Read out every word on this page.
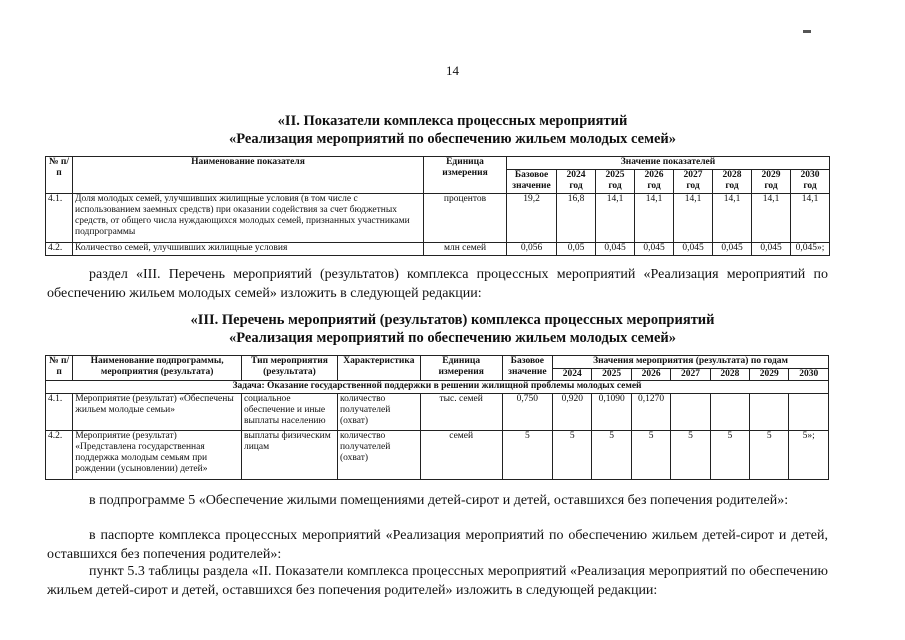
14
«II. Показатели комплекса процессных мероприятий
«Реализация мероприятий по обеспечению жильем молодых семей»
№ п/п	Наименование показателя	Единица измерения	Значение показателей							
			Базовое значение	2024 год	2025 год	2026 год	2027 год	2028 год	2029 год	2030 год
4.1.	Доля молодых семей, улучшивших жилищные условия (в том числе с использованием заемных средств) при оказании содействия за счет бюджетных средств, от общего числа нуждающихся молодых семей, признанных участниками подпрограммы	процентов	19,2	16,8	14,1	14,1	14,1	14,1	14,1	14,1
4.2.	Количество семей, улучшивших жилищные условия	млн семей	0,056	0,05	0,045	0,045	0,045	0,045	0,045	0,045»;
раздел «III. Перечень мероприятий (результатов) комплекса процессных мероприятий «Реализация мероприятий по обеспечению жильем молодых семей» изложить в следующей редакции:
«III. Перечень мероприятий (результатов) комплекса процессных мероприятий
«Реализация мероприятий по обеспечению жильем молодых семей»
№ п/п	Наименование подпрограммы, мероприятия (результата)	Тип мероприятия (результата)	Характеристика	Единица измерения	Базовое значение	Значения мероприятия (результата) по годам						
						2024	2025	2026	2027	2028	2029	2030
Задача: Оказание государственной поддержки в решении жилищной проблемы молодых семей												
4.1.	Мероприятие (результат) «Обеспечены жильем молодые семьи»	социальное обеспечение и иные выплаты населению	количество получателей (охват)	тыс. семей	0,750	0,920	0,1090	0,1270				
4.2.	Мероприятие (результат) «Представлена государственная поддержка молодым семьям при рождении (усыновлении) детей»	выплаты физическим лицам	количество получателей (охват)	семей	5	5	5	5	5	5	5	5»;
в подпрограмме 5 «Обеспечение жилыми помещениями детей-сирот и детей, оставшихся без попечения родителей»:
в паспорте комплекса процессных мероприятий «Реализация мероприятий по обеспечению жильем детей-сирот и детей, оставшихся без попечения родителей»:
пункт 5.3 таблицы раздела «II. Показатели комплекса процессных мероприятий «Реализация мероприятий по обеспечению жильем детей-сирот и детей, оставшихся без попечения родителей» изложить в следующей редакции:
